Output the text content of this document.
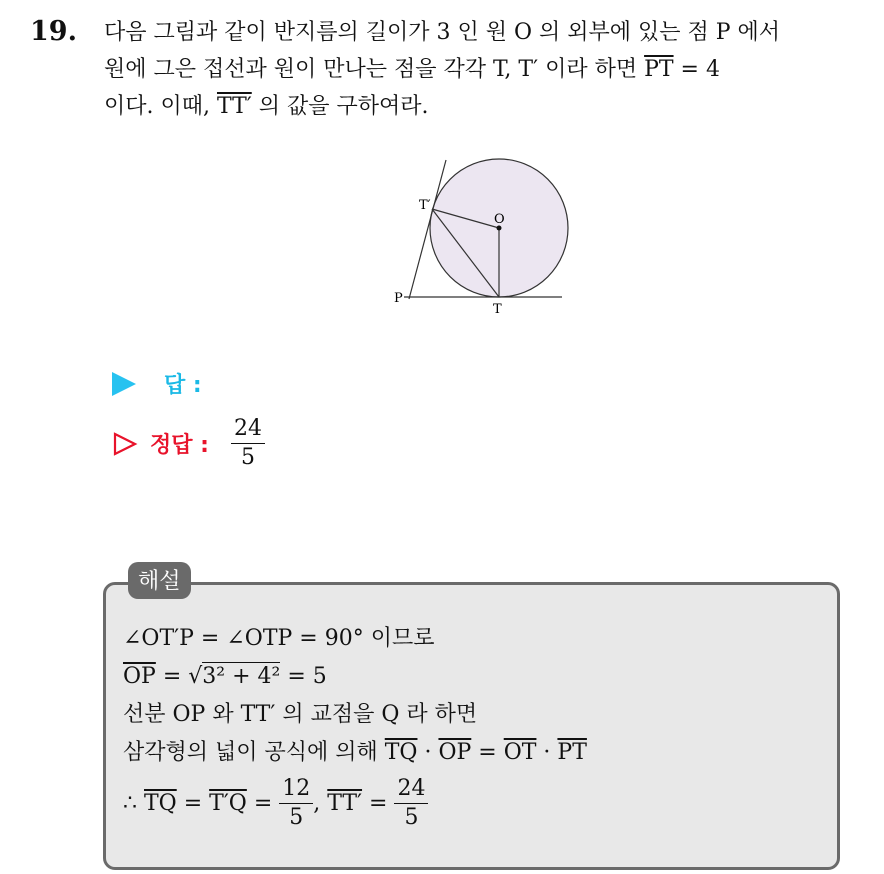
19. 다음 그림과 같이 반지름의 길이가 3 인 원 O 의 외부에 있는 점 P 에서
원에 그은 접선과 원이 만나는 점을 각각 T, T′ 이라 하면 $\overline{PT} = 4$
이다. 이때, TT′ 의 값을 구하여라.
T′
O
P
T
답 :
정답 : $\frac{24}{5}$
해설
∠OT′P = ∠OTP = 90° 이므로
$\overline{OP} = √3^2 + 4^2 = 5$
선분 OP 와 TT′ 의 교점을 Q 라 하면
삼각형의 넓이 공식에 의해 $\overline{TQ} \cdot \overline{OP} = \overline{OT} \cdot \overline{PT}$
∴ $\overline{TQ} = T'Q = \frac{12}{5}$ , $TT' = \frac{24}{5}$
